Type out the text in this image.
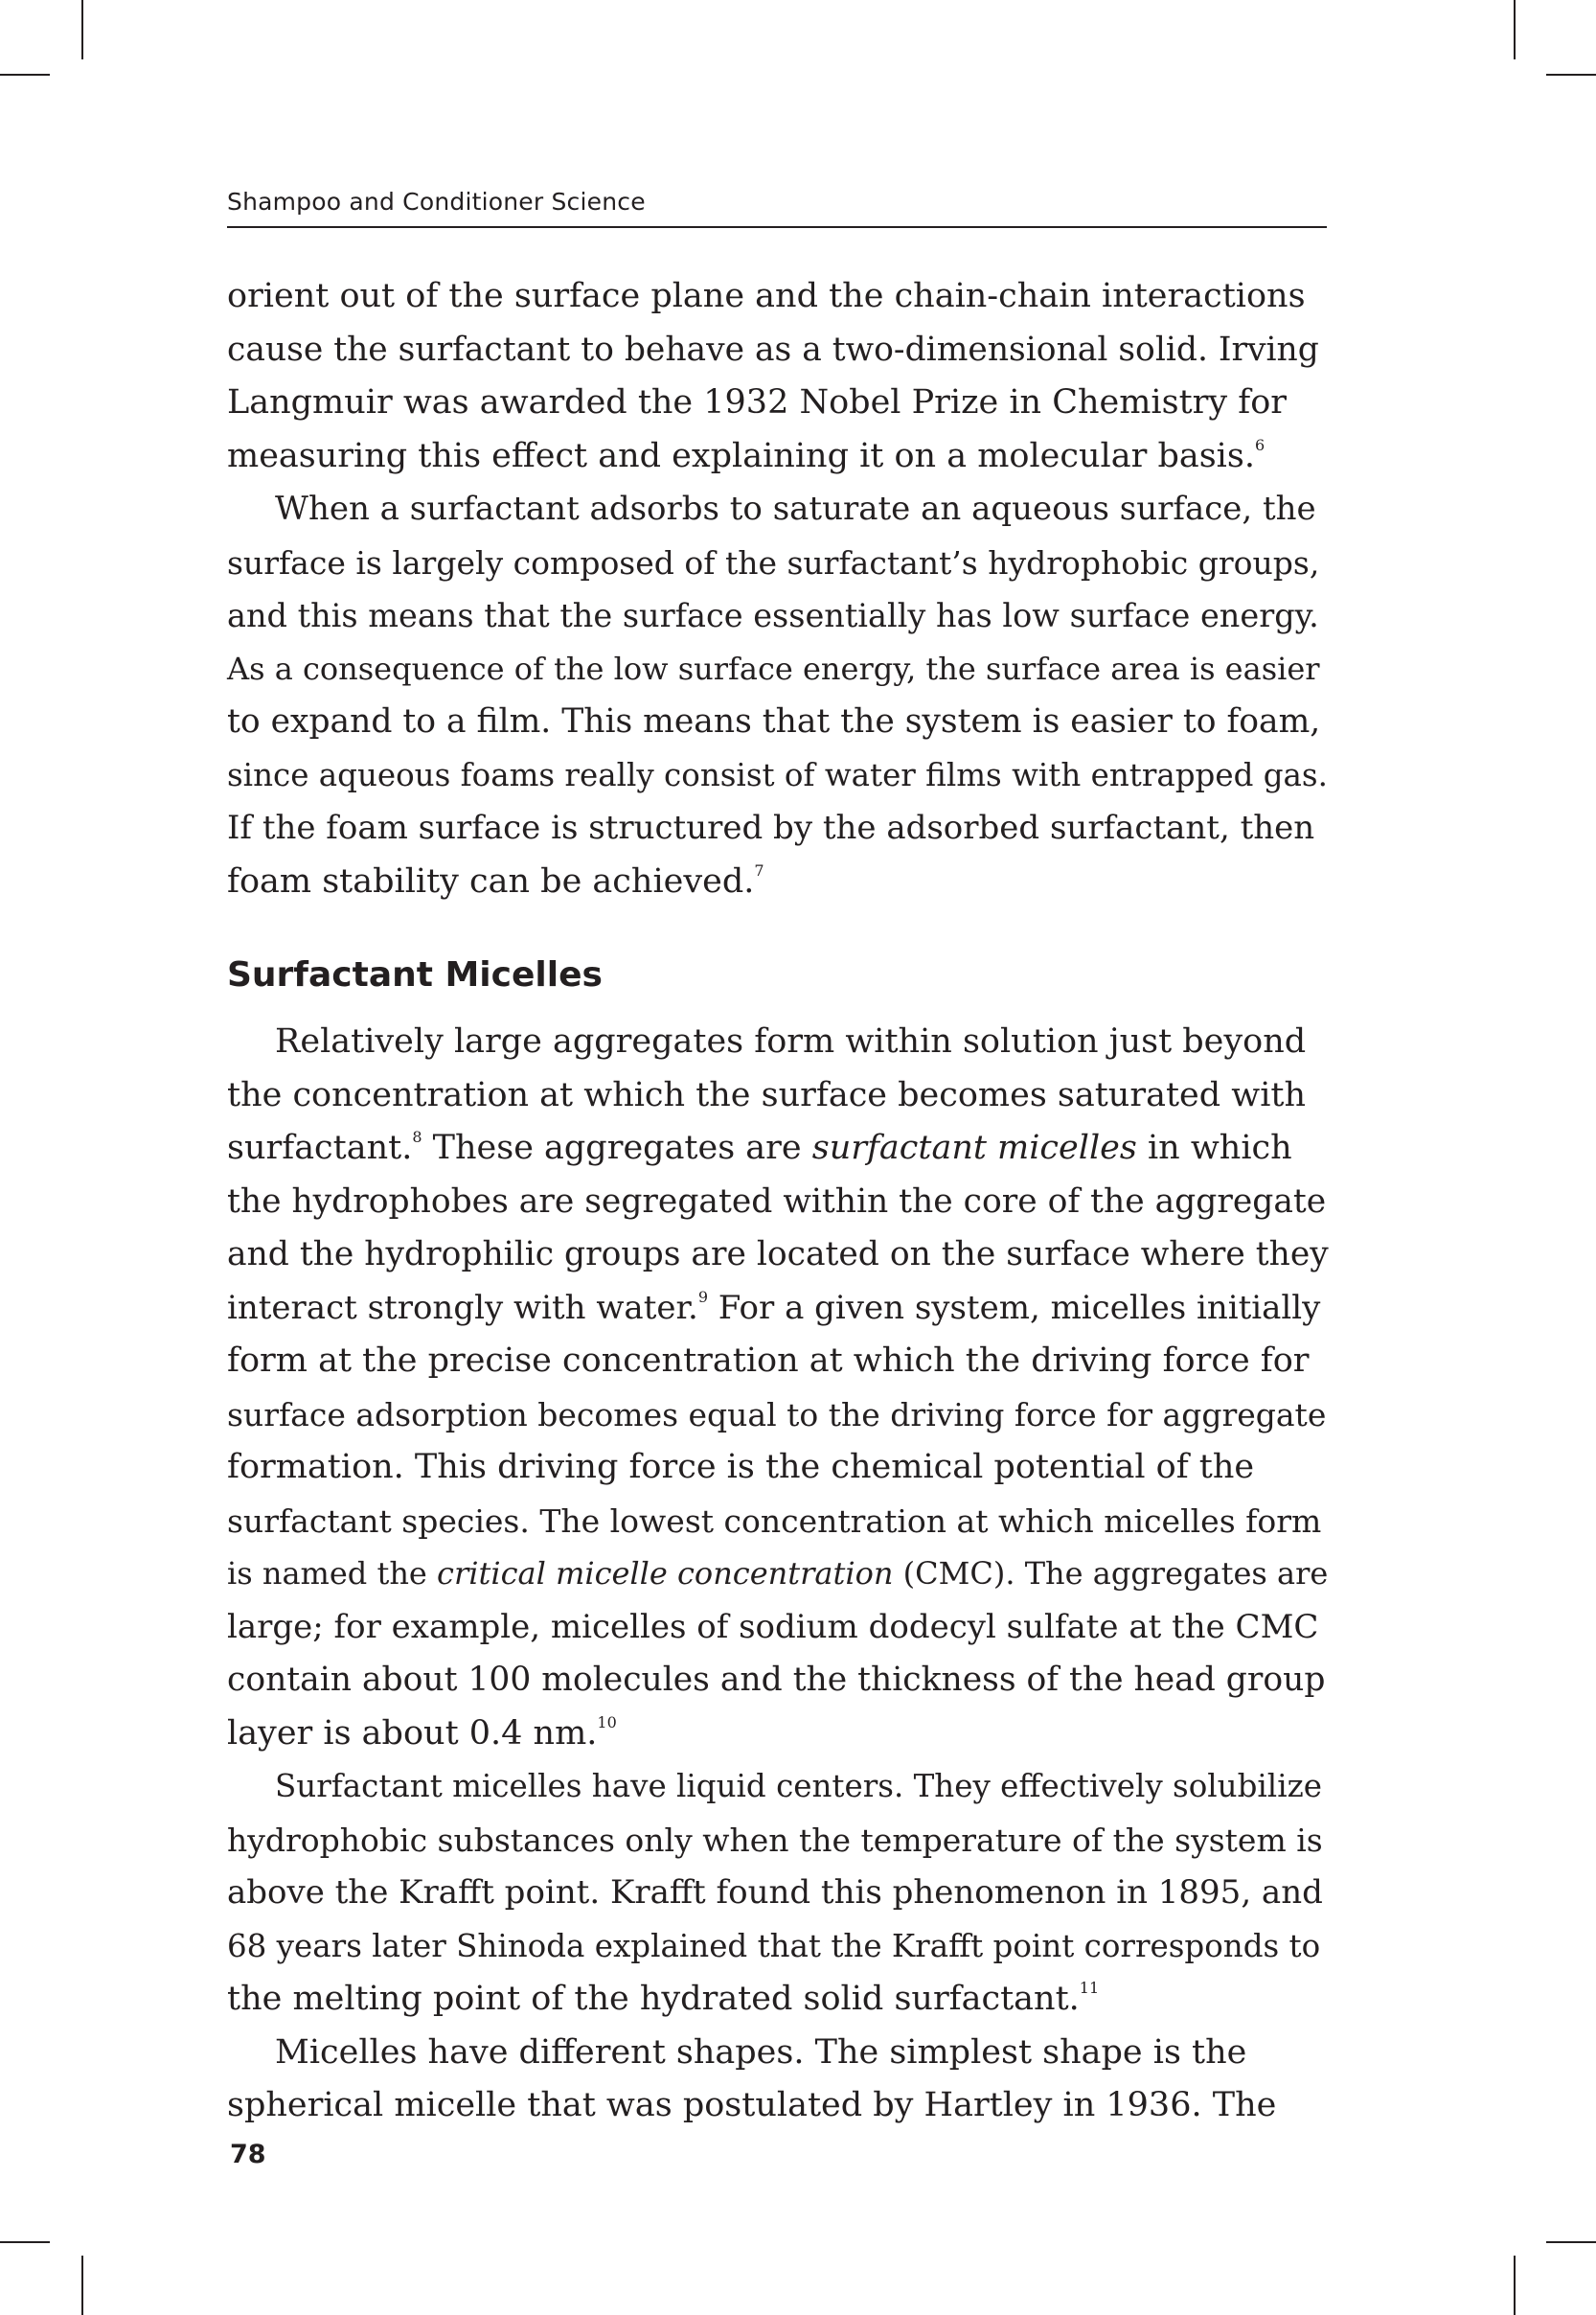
Shampoo and Conditioner Science
orient out of the surface plane and the chain-chain interactions
cause the surfactant to behave as a two-dimensional solid. Irving
Langmuir was awarded the 1932 Nobel Prize in Chemistry for
measuring this effect and explaining it on a molecular basis.$^6$
When a surfactant adsorbs to saturate an aqueous surface, the
surface is largely composed of the surfactant’s hydrophobic groups,
and this means that the surface essentially has low surface energy.
As a consequence of the low surface energy, the surface area is easier
to expand to a film. This means that the system is easier to foam,
since aqueous foams really consist of water films with entrapped gas.
If the foam surface is structured by the adsorbed surfactant, then
foam stability can be achieved.$^7$
Surfactant Micelles
Relatively large aggregates form within solution just beyond
the concentration at which the surface becomes saturated with
surfactant.$^8$ These aggregates are surfactant micelles in which
the hydrophobes are segregated within the core of the aggregate
and the hydrophilic groups are located on the surface where they
interact strongly with water.$^9$ For a given system, micelles initially
form at the precise concentration at which the driving force for
surface adsorption becomes equal to the driving force for aggregate
formation. This driving force is the chemical potential of the
surfactant species. The lowest concentration at which micelles form
is named the critical micelle concentration (CMC). The aggregates are
large; for example, micelles of sodium dodecyl sulfate at the CMC
contain about 100 molecules and the thickness of the head group
layer is about 0.4 nm.$^{10}$
Surfactant micelles have liquid centers. They effectively solubilize
hydrophobic substances only when the temperature of the system is
above the Krafft point. Krafft found this phenomenon in 1895, and
68 years later Shinoda explained that the Krafft point corresponds to
the melting point of the hydrated solid surfactant.$^{11}$
Micelles have different shapes. The simplest shape is the
spherical micelle that was postulated by Hartley in 1936. The
78
